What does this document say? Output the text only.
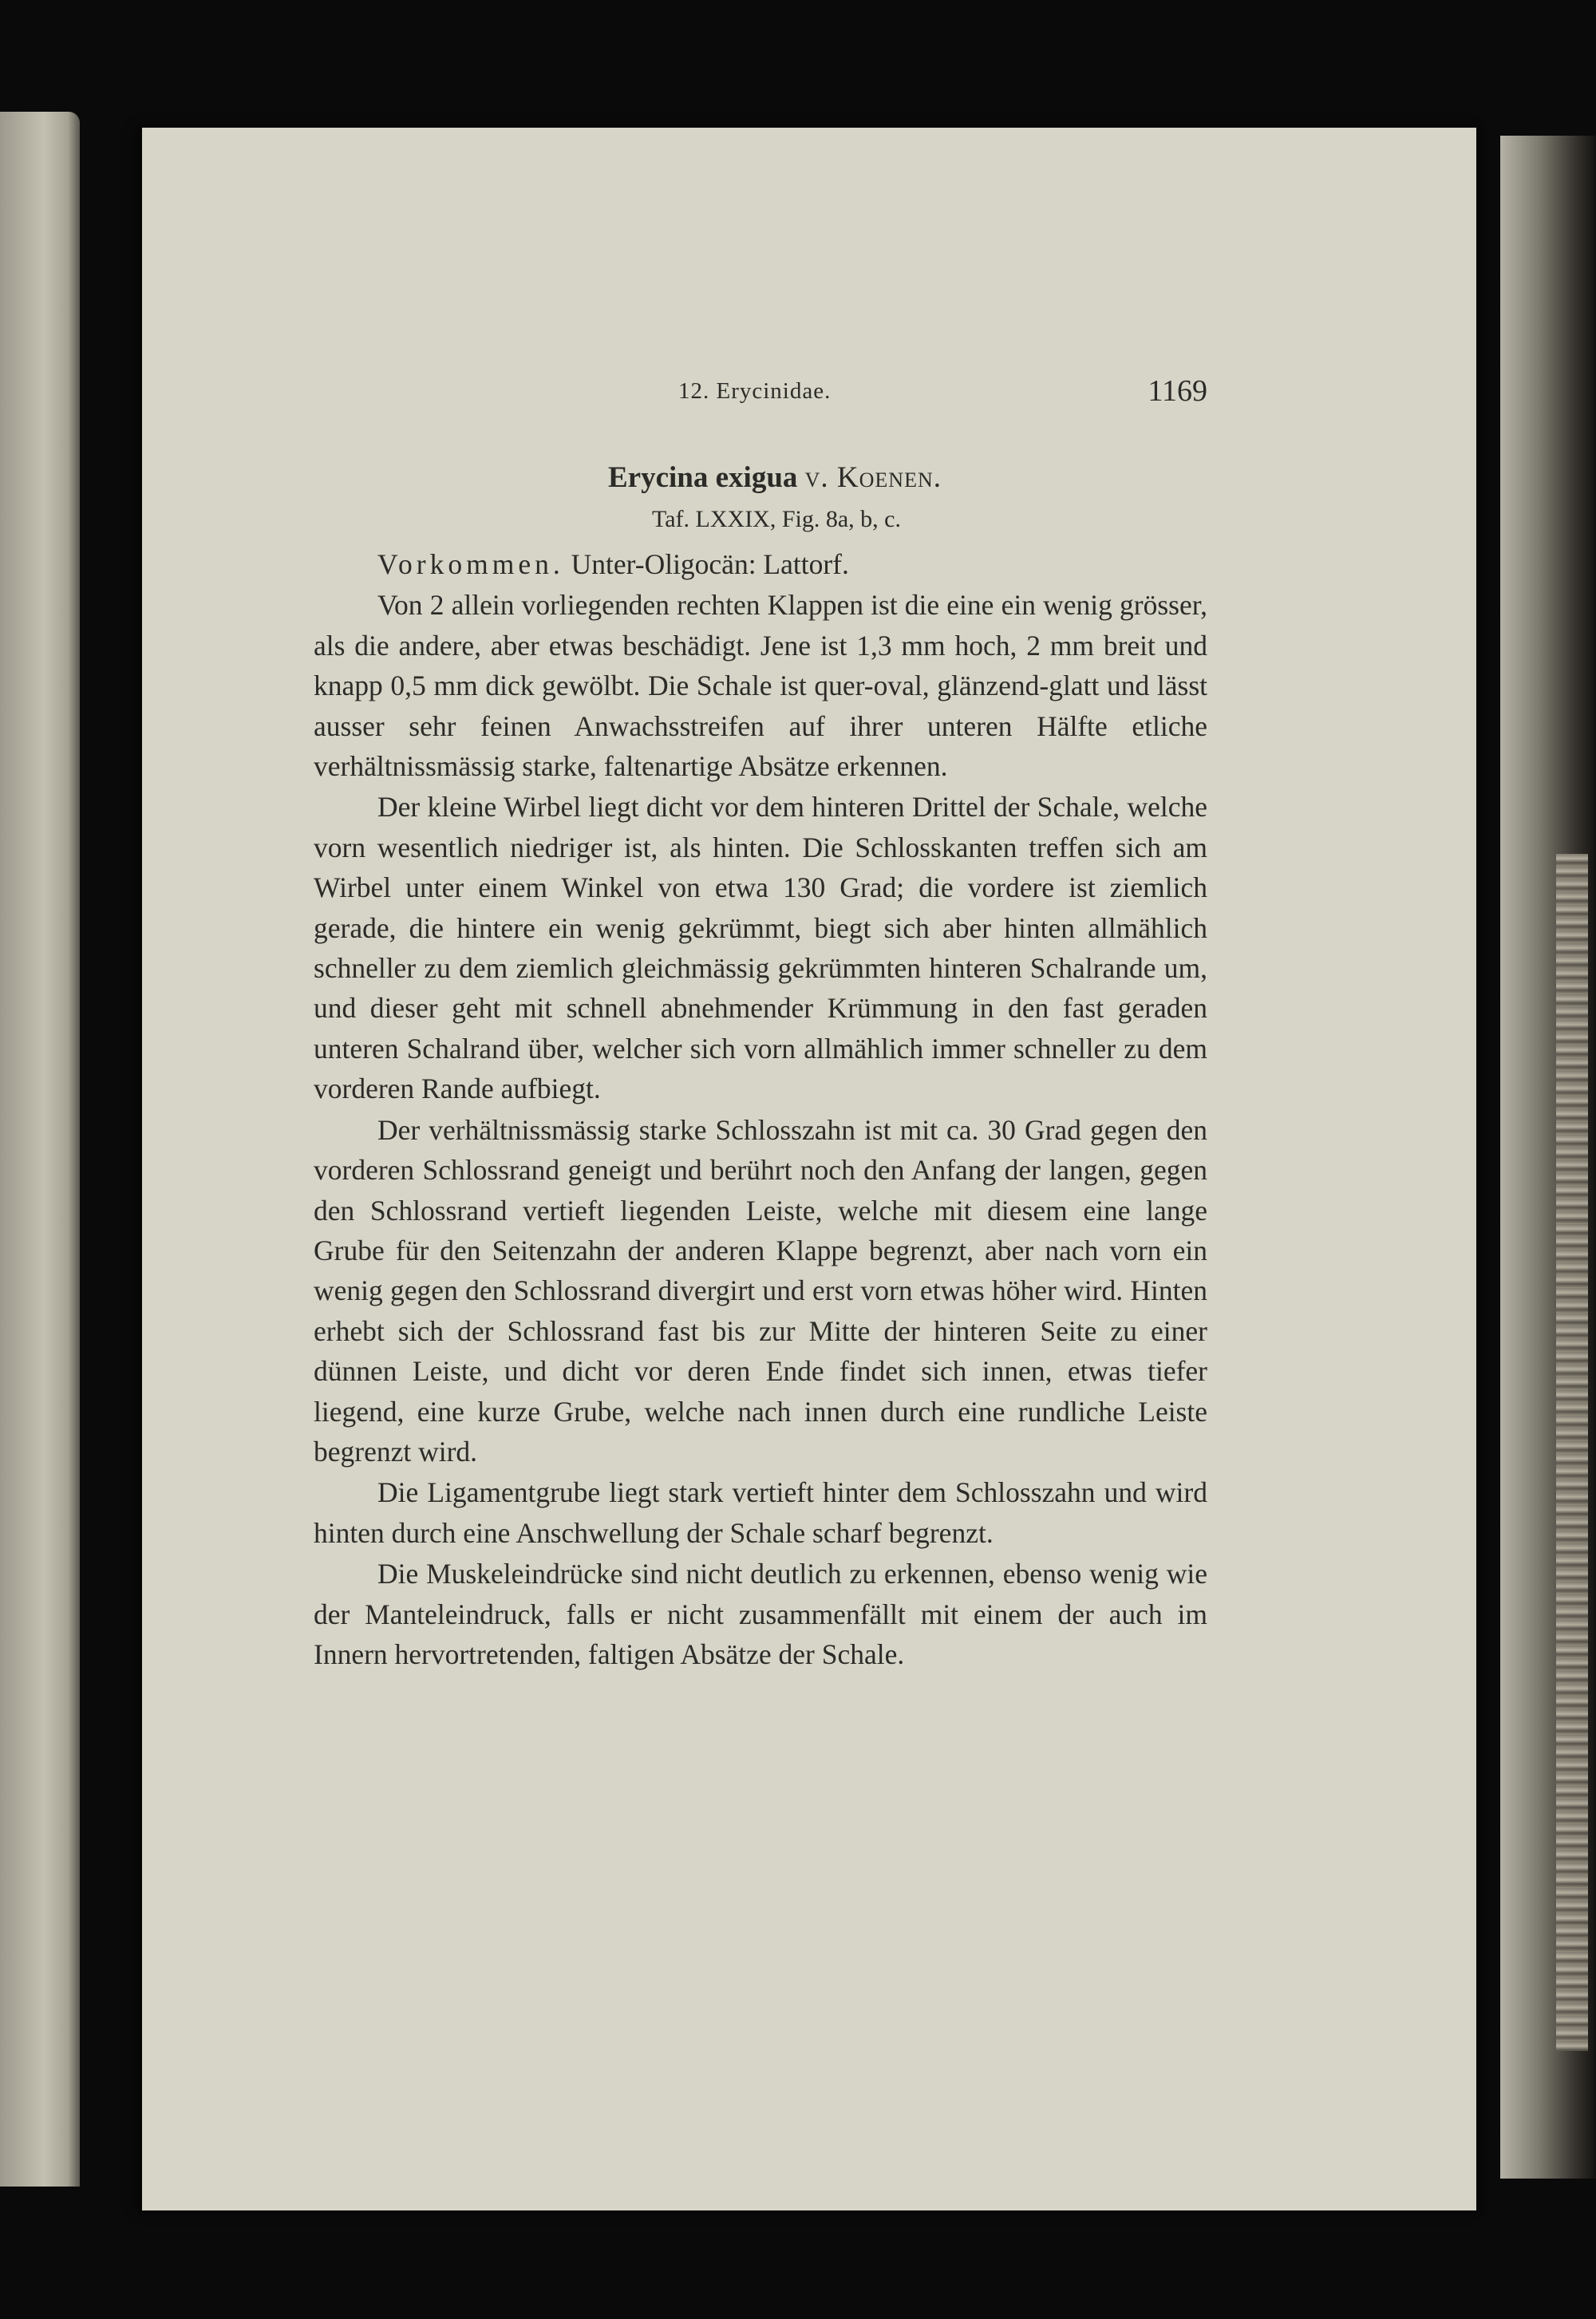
12. Erycinidae.	1169
Erycina exigua v. Koenen.
Taf. LXXIX, Fig. 8a, b, c.

Vorkommen. Unter-Oligocän: Lattorf.

Von 2 allein vorliegenden rechten Klappen ist die eine ein wenig grösser, als die andere, aber etwas beschädigt. Jene ist 1,3 mm hoch, 2 mm breit und knapp 0,5 mm dick gewölbt. Die Schale ist quer-oval, glänzend-glatt und lässt ausser sehr feinen Anwachsstreifen auf ihrer unteren Hälfte etliche verhältnissmässig starke, faltenartige Absätze erkennen.

Der kleine Wirbel liegt dicht vor dem hinteren Drittel der Schale, welche vorn wesentlich niedriger ist, als hinten. Die Schlosskanten treffen sich am Wirbel unter einem Winkel von etwa 130 Grad; die vordere ist ziemlich gerade, die hintere ein wenig gekrümmt, biegt sich aber hinten allmählich schneller zu dem ziemlich gleichmässig gekrümmten hinteren Schalrande um, und dieser geht mit schnell abnehmender Krümmung in den fast geraden unteren Schalrand über, welcher sich vorn allmählich immer schneller zu dem vorderen Rande aufbiegt.

Der verhältnissmässig starke Schlosszahn ist mit ca. 30 Grad gegen den vorderen Schlossrand geneigt und berührt noch den Anfang der langen, gegen den Schlossrand vertieft liegenden Leiste, welche mit diesem eine lange Grube für den Seitenzahn der anderen Klappe begrenzt, aber nach vorn ein wenig gegen den Schlossrand divergirt und erst vorn etwas höher wird. Hinten erhebt sich der Schlossrand fast bis zur Mitte der hinteren Seite zu einer dünnen Leiste, und dicht vor deren Ende findet sich innen, etwas tiefer liegend, eine kurze Grube, welche nach innen durch eine rundliche Leiste begrenzt wird.

Die Ligamentgrube liegt stark vertieft hinter dem Schlosszahn und wird hinten durch eine Anschwellung der Schale scharf begrenzt.

Die Muskeleindrücke sind nicht deutlich zu erkennen, ebenso wenig wie der Manteleindruck, falls er nicht zusammenfällt mit einem der auch im Innern hervortretenden, faltigen Absätze der Schale.
